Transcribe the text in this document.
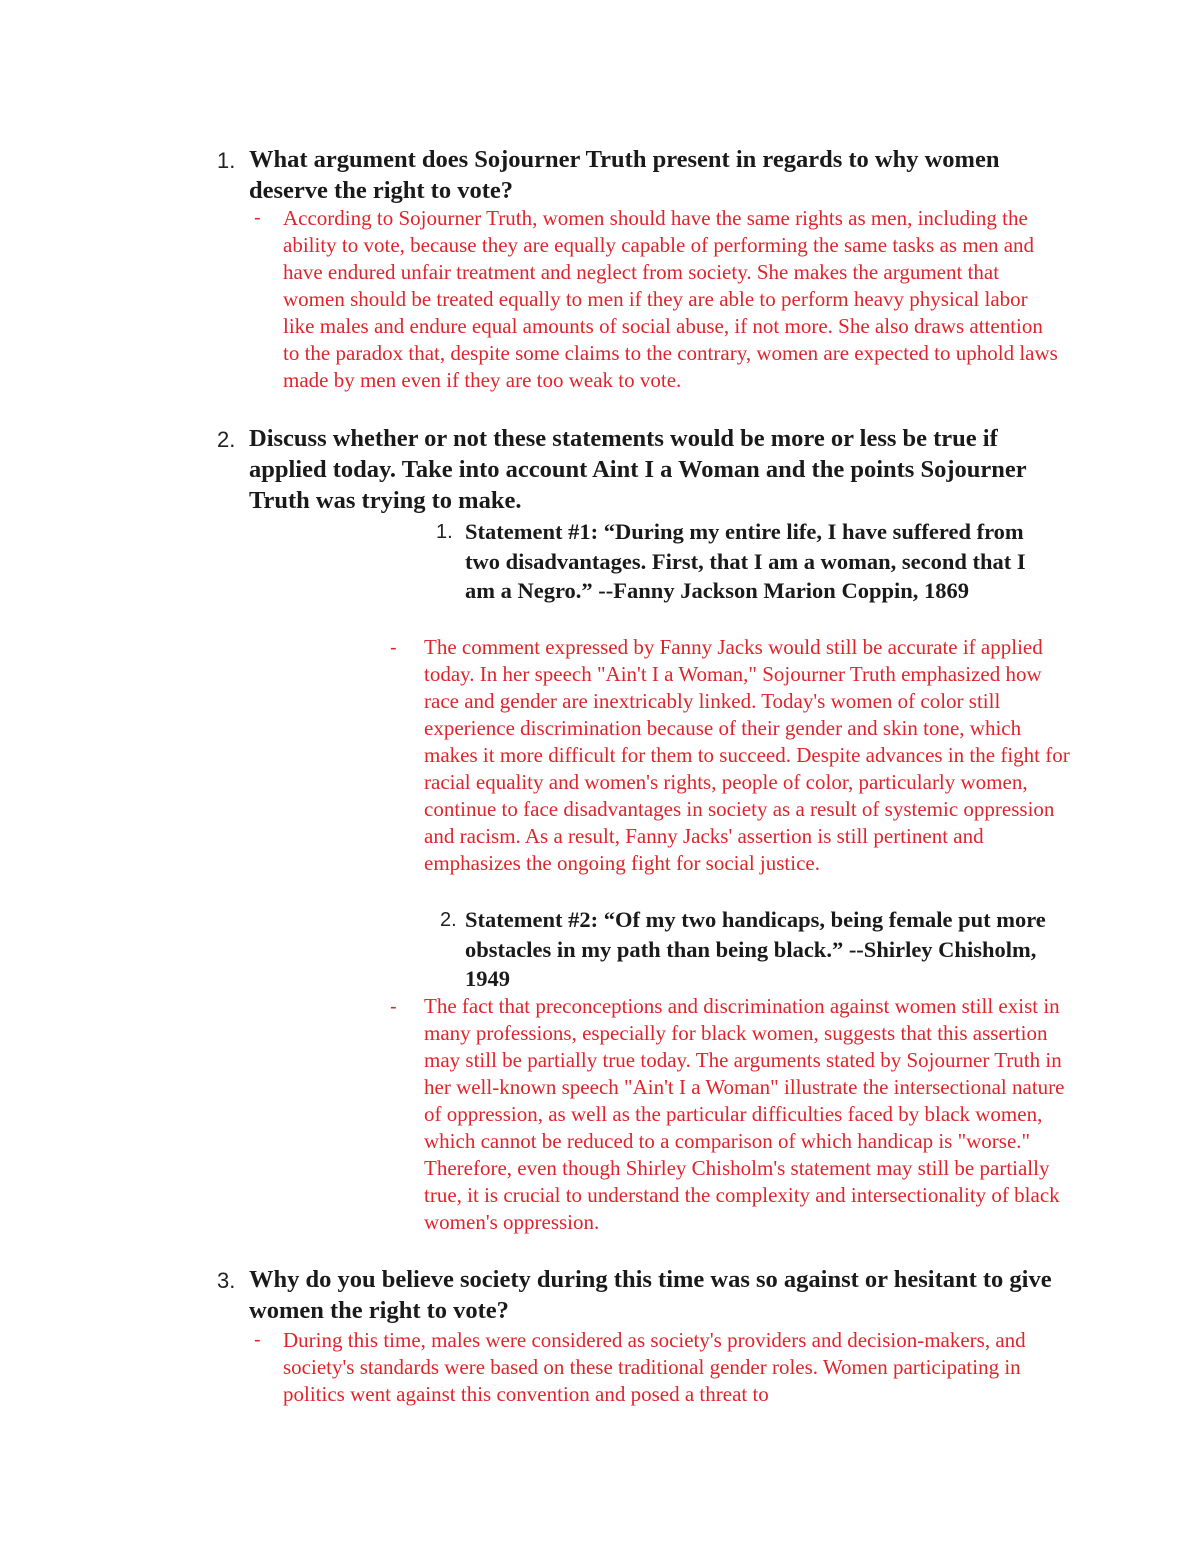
1. What argument does Sojourner Truth present in regards to why women deserve the right to vote?

- According to Sojourner Truth, women should have the same rights as men, including the ability to vote, because they are equally capable of performing the same tasks as men and have endured unfair treatment and neglect from society. She makes the argument that women should be treated equally to men if they are able to perform heavy physical labor like males and endure equal amounts of social abuse, if not more. She also draws attention to the paradox that, despite some claims to the contrary, women are expected to uphold laws made by men even if they are too weak to vote.

2. Discuss whether or not these statements would be more or less be true if applied today. Take into account Aint I a Woman and the points Sojourner Truth was trying to make.

1. Statement #1: “During my entire life, I have suffered from two disadvantages. First, that I am a woman, second that I am a Negro.” --Fanny Jackson Marion Coppin, 1869

- The comment expressed by Fanny Jacks would still be accurate if applied today. In her speech "Ain't I a Woman," Sojourner Truth emphasized how race and gender are inextricably linked. Today's women of color still experience discrimination because of their gender and skin tone, which makes it more difficult for them to succeed. Despite advances in the fight for racial equality and women's rights, people of color, particularly women, continue to face disadvantages in society as a result of systemic oppression and racism. As a result, Fanny Jacks' assertion is still pertinent and emphasizes the ongoing fight for social justice.

2. Statement #2: “Of my two handicaps, being female put more obstacles in my path than being black.” --Shirley Chisholm, 1949

- The fact that preconceptions and discrimination against women still exist in many professions, especially for black women, suggests that this assertion may still be partially true today. The arguments stated by Sojourner Truth in her well-known speech "Ain't I a Woman" illustrate the intersectional nature of oppression, as well as the particular difficulties faced by black women, which cannot be reduced to a comparison of which handicap is "worse." Therefore, even though Shirley Chisholm's statement may still be partially true, it is crucial to understand the complexity and intersectionality of black women's oppression.

3. Why do you believe society during this time was so against or hesitant to give women the right to vote?

- During this time, males were considered as society's providers and decision-makers, and society's standards were based on these traditional gender roles. Women participating in politics went against this convention and posed a threat to
